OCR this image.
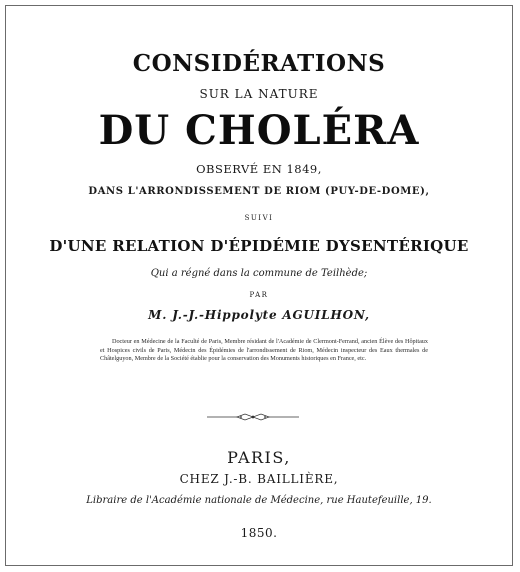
CONSIDÉRATIONS
SUR LA NATURE
DU CHOLÉRA
OBSERVÉ EN 1849,
DANS L'ARRONDISSEMENT DE RIOM (PUY-DE-DOME),
SUIVI
D'UNE RELATION D'ÉPIDÉMIE DYSENTÉRIQUE
Qui a régné dans la commune de Teilhède;
PAR
M. J.-J.-Hippolyte AGUILHON,
Docteur en Médecine de la Faculté de Paris, Membre résidant de l'Académie de Clermont-Ferrand, ancien Élève des Hôpitaux et Hospices civils de Paris, Médecin des Épidémies de l'arrondissement de Riom, Médecin inspecteur des Eaux thermales de Châtelguyon, Membre de la Société établie pour la conservation des Monuments historiques en France, etc.
PARIS,
CHEZ J.-B. BAILLIÈRE,
Libraire de l'Académie nationale de Médecine, rue Hautefeuille, 19.
1850.
